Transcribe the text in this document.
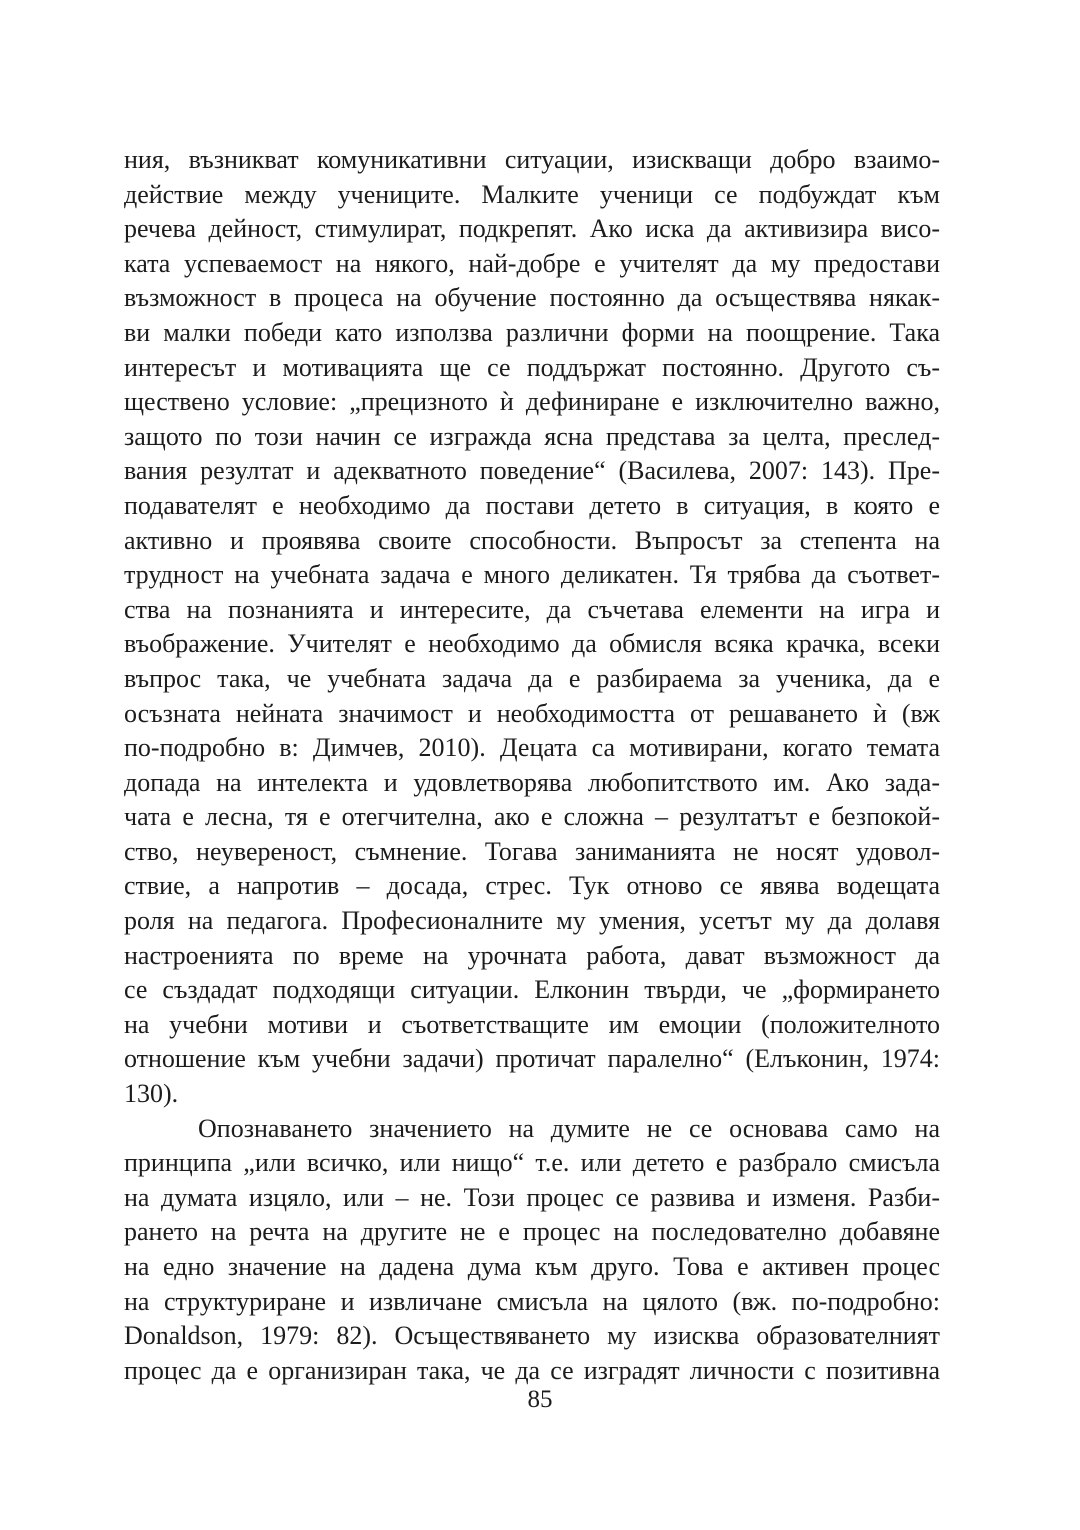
ния, възникват комуникативни ситуации, изискващи добро взаимо-
действие между учениците. Малките ученици се подбуждат към
речева дейност, стимулират, подкрепят. Ако иска да активизира висо-
ката успеваемост на някого, най-добре е учителят да му предостави
възможност в процеса на обучение постоянно да осъществява някак-
ви малки победи като използва различни форми на поощрение. Така
интересът и мотивацията ще се поддържат постоянно. Другото съ-
ществено условие: „прецизното ѝ дефиниране е изключително важно,
защото по този начин се изгражда ясна представа за целта, преслед-
вания резултат и адекватното поведение“ (Василева, 2007: 143). Пре-
подавателят е необходимо да постави детето в ситуация, в която е
активно и проявява своите способности. Въпросът за степента на
трудност на учебната задача е много деликатен. Тя трябва да съответ-
ства на познанията и интересите, да съчетава елементи на игра и
въображение. Учителят е необходимо да обмисля всяка крачка, всеки
въпрос така, че учебната задача да е разбираема за ученика, да е
осъзната нейната значимост и необходимостта от решаването ѝ (вж
по-подробно в: Димчев, 2010). Децата са мотивирани, когато темата
допада на интелекта и удовлетворява любопитството им. Ако зада-
чата е лесна, тя е отегчителна, ако е сложна – резултатът е безпокой-
ство, неувереност, съмнение. Тогава заниманията не носят удовол-
ствие, а напротив – досада, стрес. Тук отново се явява водещата
роля на педагога. Професионалните му умения, усетът му да долавя
настроенията по време на урочната работа, дават възможност да
се създадат подходящи ситуации. Елконин твърди, че „формирането
на учебни мотиви и съответстващите им емоции (положителното
отношение към учебни задачи) протичат паралелно“ (Елъконин, 1974:
130).
Опознаването значението на думите не се основава само на
принципа „или всичко, или нищо“ т.е. или детето е разбрало смисъла
на думата изцяло, или – не. Този процес се развива и изменя. Разби-
рането на речта на другите не е процес на последователно добавяне
на едно значение на дадена дума към друго. Това е активен процес
на структуриране и извличане смисъла на цялото (вж. по-подробно:
Donaldson, 1979: 82). Осъществяването му изисква образователният
процес да е организиран така, че да се изградят личности с позитивна
85
